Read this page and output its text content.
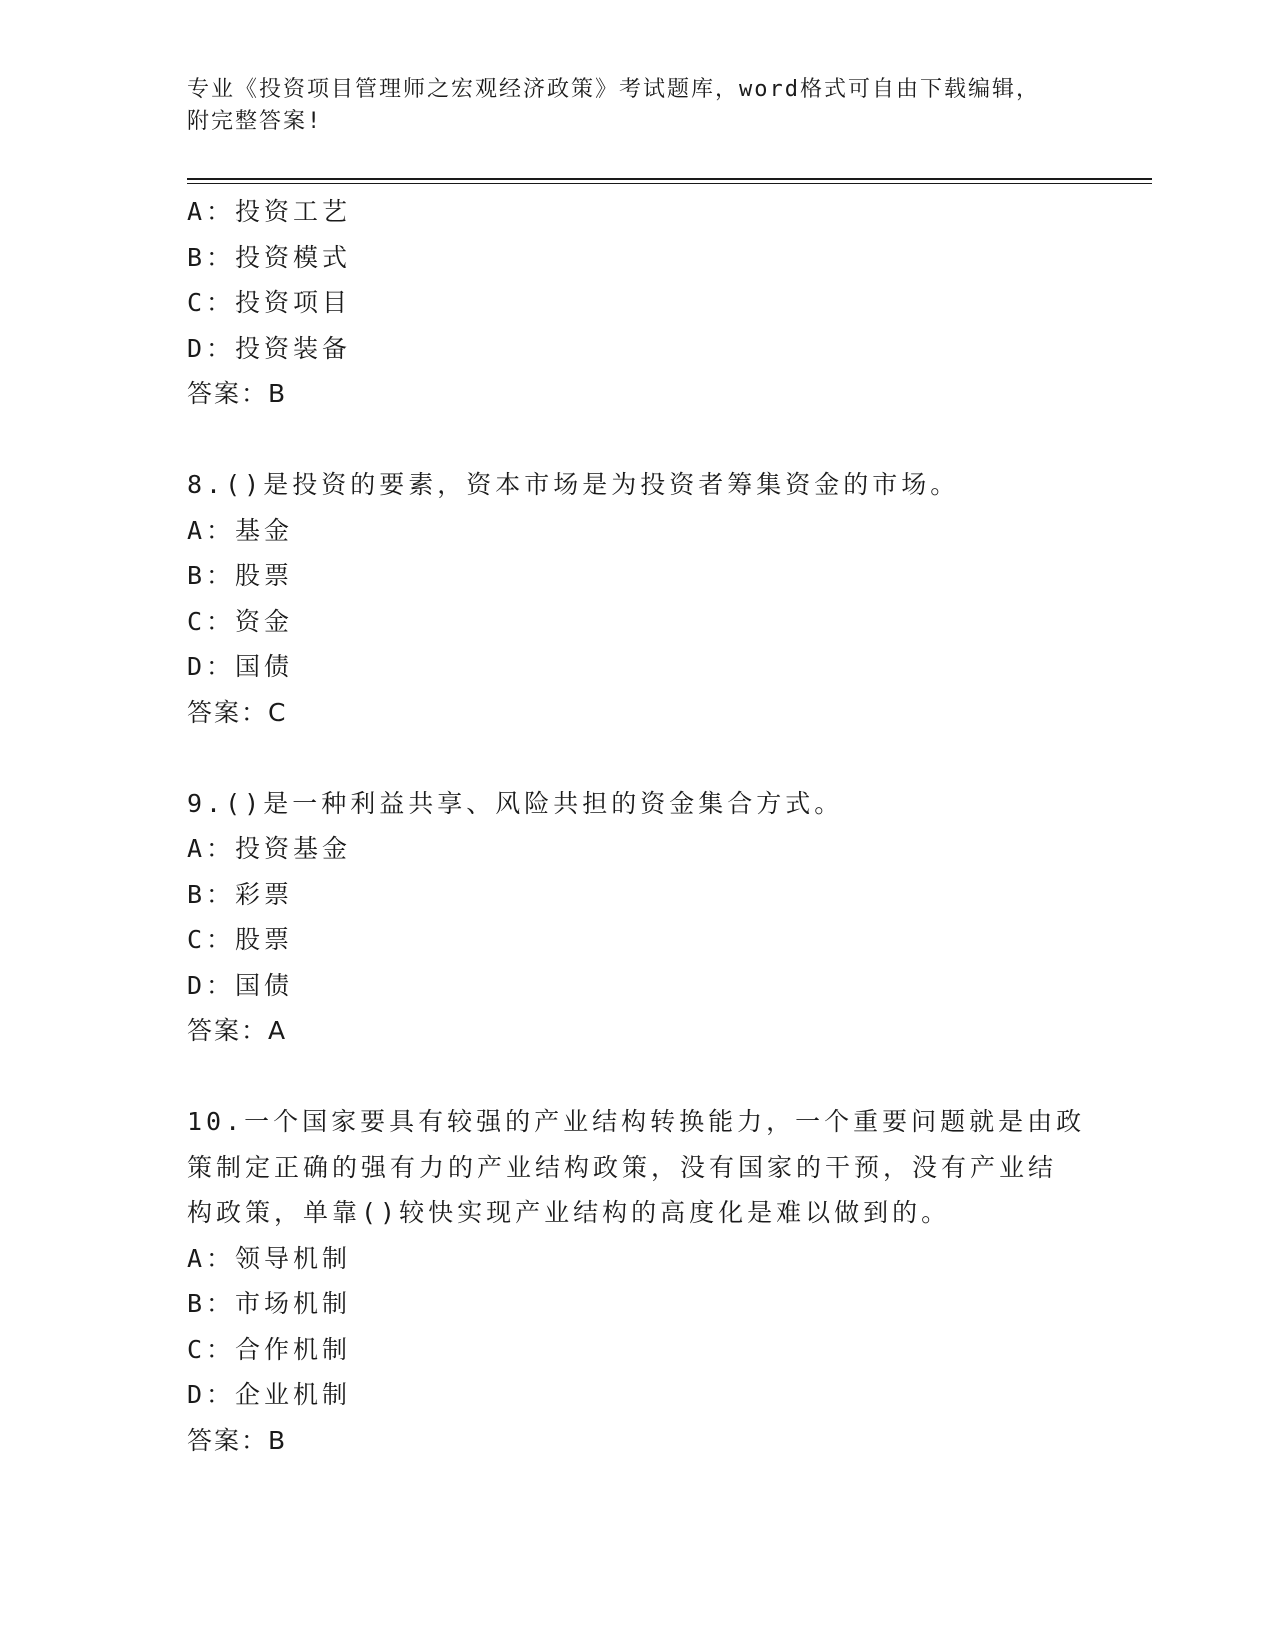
专业《投资项目管理师之宏观经济政策》考试题库，word格式可自由下载编辑，
附完整答案!
A：投资工艺
B：投资模式
C：投资项目
D：投资装备
答案：B
8.()是投资的要素，资本市场是为投资者筹集资金的市场。
A：基金
B：股票
C：资金
D：国债
答案：C
9.()是一种利益共享、风险共担的资金集合方式。
A：投资基金
B：彩票
C：股票
D：国债
答案：A
10.一个国家要具有较强的产业结构转换能力，一个重要问题就是由政
策制定正确的强有力的产业结构政策，没有国家的干预，没有产业结
构政策，单靠()较快实现产业结构的高度化是难以做到的。
A：领导机制
B：市场机制
C：合作机制
D：企业机制
答案：B
